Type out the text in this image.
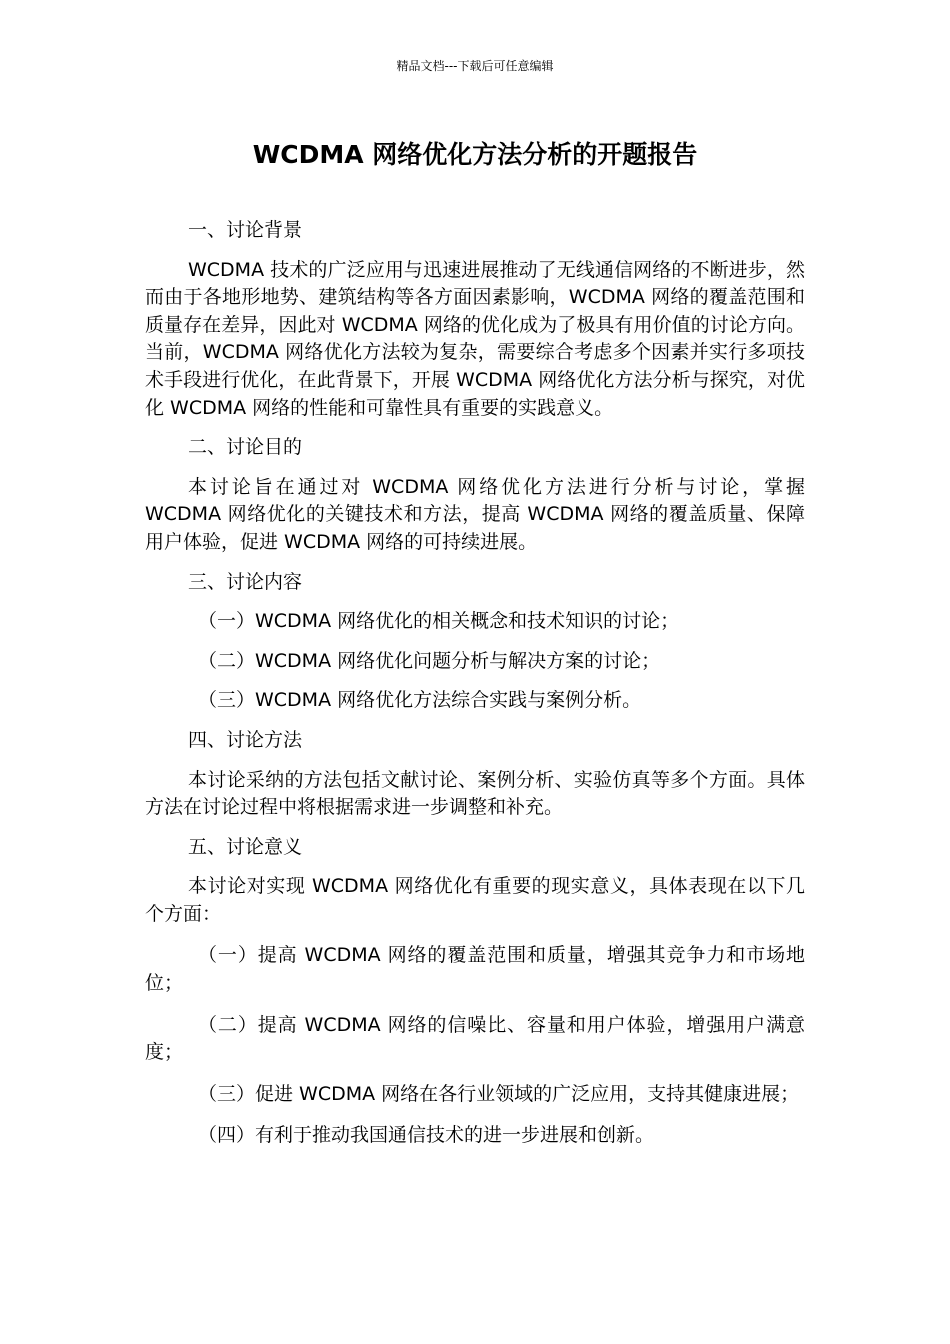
精品文档---下载后可任意编辑
WCDMA 网络优化方法分析的开题报告

一、讨论背景

WCDMA 技术的广泛应用与迅速进展推动了无线通信网络的不断进步，然而由于各地形地势、建筑结构等各方面因素影响，WCDMA 网络的覆盖范围和质量存在差异，因此对 WCDMA 网络的优化成为了极具有用价值的讨论方向。当前，WCDMA 网络优化方法较为复杂，需要综合考虑多个因素并实行多项技术手段进行优化，在此背景下，开展 WCDMA 网络优化方法分析与探究，对优化 WCDMA 网络的性能和可靠性具有重要的实践意义。

二、讨论目的

本讨论旨在通过对 WCDMA 网络优化方法进行分析与讨论，掌握 WCDMA 网络优化的关键技术和方法，提高 WCDMA 网络的覆盖质量、保障用户体验，促进 WCDMA 网络的可持续进展。

三、讨论内容

（一）WCDMA 网络优化的相关概念和技术知识的讨论；

（二）WCDMA 网络优化问题分析与解决方案的讨论；

（三）WCDMA 网络优化方法综合实践与案例分析。

四、讨论方法

本讨论采纳的方法包括文献讨论、案例分析、实验仿真等多个方面。具体方法在讨论过程中将根据需求进一步调整和补充。

五、讨论意义

本讨论对实现 WCDMA 网络优化有重要的现实意义，具体表现在以下几个方面：

（一）提高 WCDMA 网络的覆盖范围和质量，增强其竞争力和市场地位；

（二）提高 WCDMA 网络的信噪比、容量和用户体验，增强用户满意度；

（三）促进 WCDMA 网络在各行业领域的广泛应用，支持其健康进展；

（四）有利于推动我国通信技术的进一步进展和创新。
